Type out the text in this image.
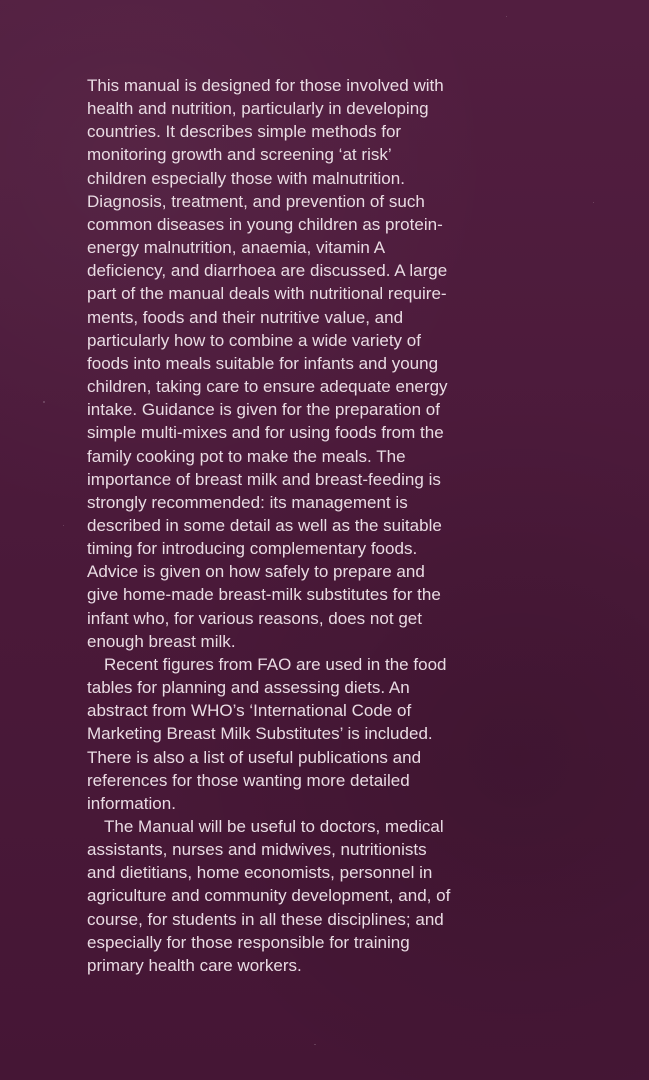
This manual is designed for those involved with
health and nutrition, particularly in developing
countries. It describes simple methods for
monitoring growth and screening ‘at risk’
children especially those with malnutrition.
Diagnosis, treatment, and prevention of such
common diseases in young children as protein-
energy malnutrition, anaemia, vitamin A
deficiency, and diarrhoea are discussed. A large
part of the manual deals with nutritional require-
ments, foods and their nutritive value, and
particularly how to combine a wide variety of
foods into meals suitable for infants and young
children, taking care to ensure adequate energy
intake. Guidance is given for the preparation of
simple multi-mixes and for using foods from the
family cooking pot to make the meals. The
importance of breast milk and breast-feeding is
strongly recommended: its management is
described in some detail as well as the suitable
timing for introducing complementary foods.
Advice is given on how safely to prepare and
give home-made breast-milk substitutes for the
infant who, for various reasons, does not get
enough breast milk.
Recent figures from FAO are used in the food
tables for planning and assessing diets. An
abstract from WHO’s ‘International Code of
Marketing Breast Milk Substitutes’ is included.
There is also a list of useful publications and
references for those wanting more detailed
information.
The Manual will be useful to doctors, medical
assistants, nurses and midwives, nutritionists
and dietitians, home economists, personnel in
agriculture and community development, and, of
course, for students in all these disciplines; and
especially for those responsible for training
primary health care workers.
